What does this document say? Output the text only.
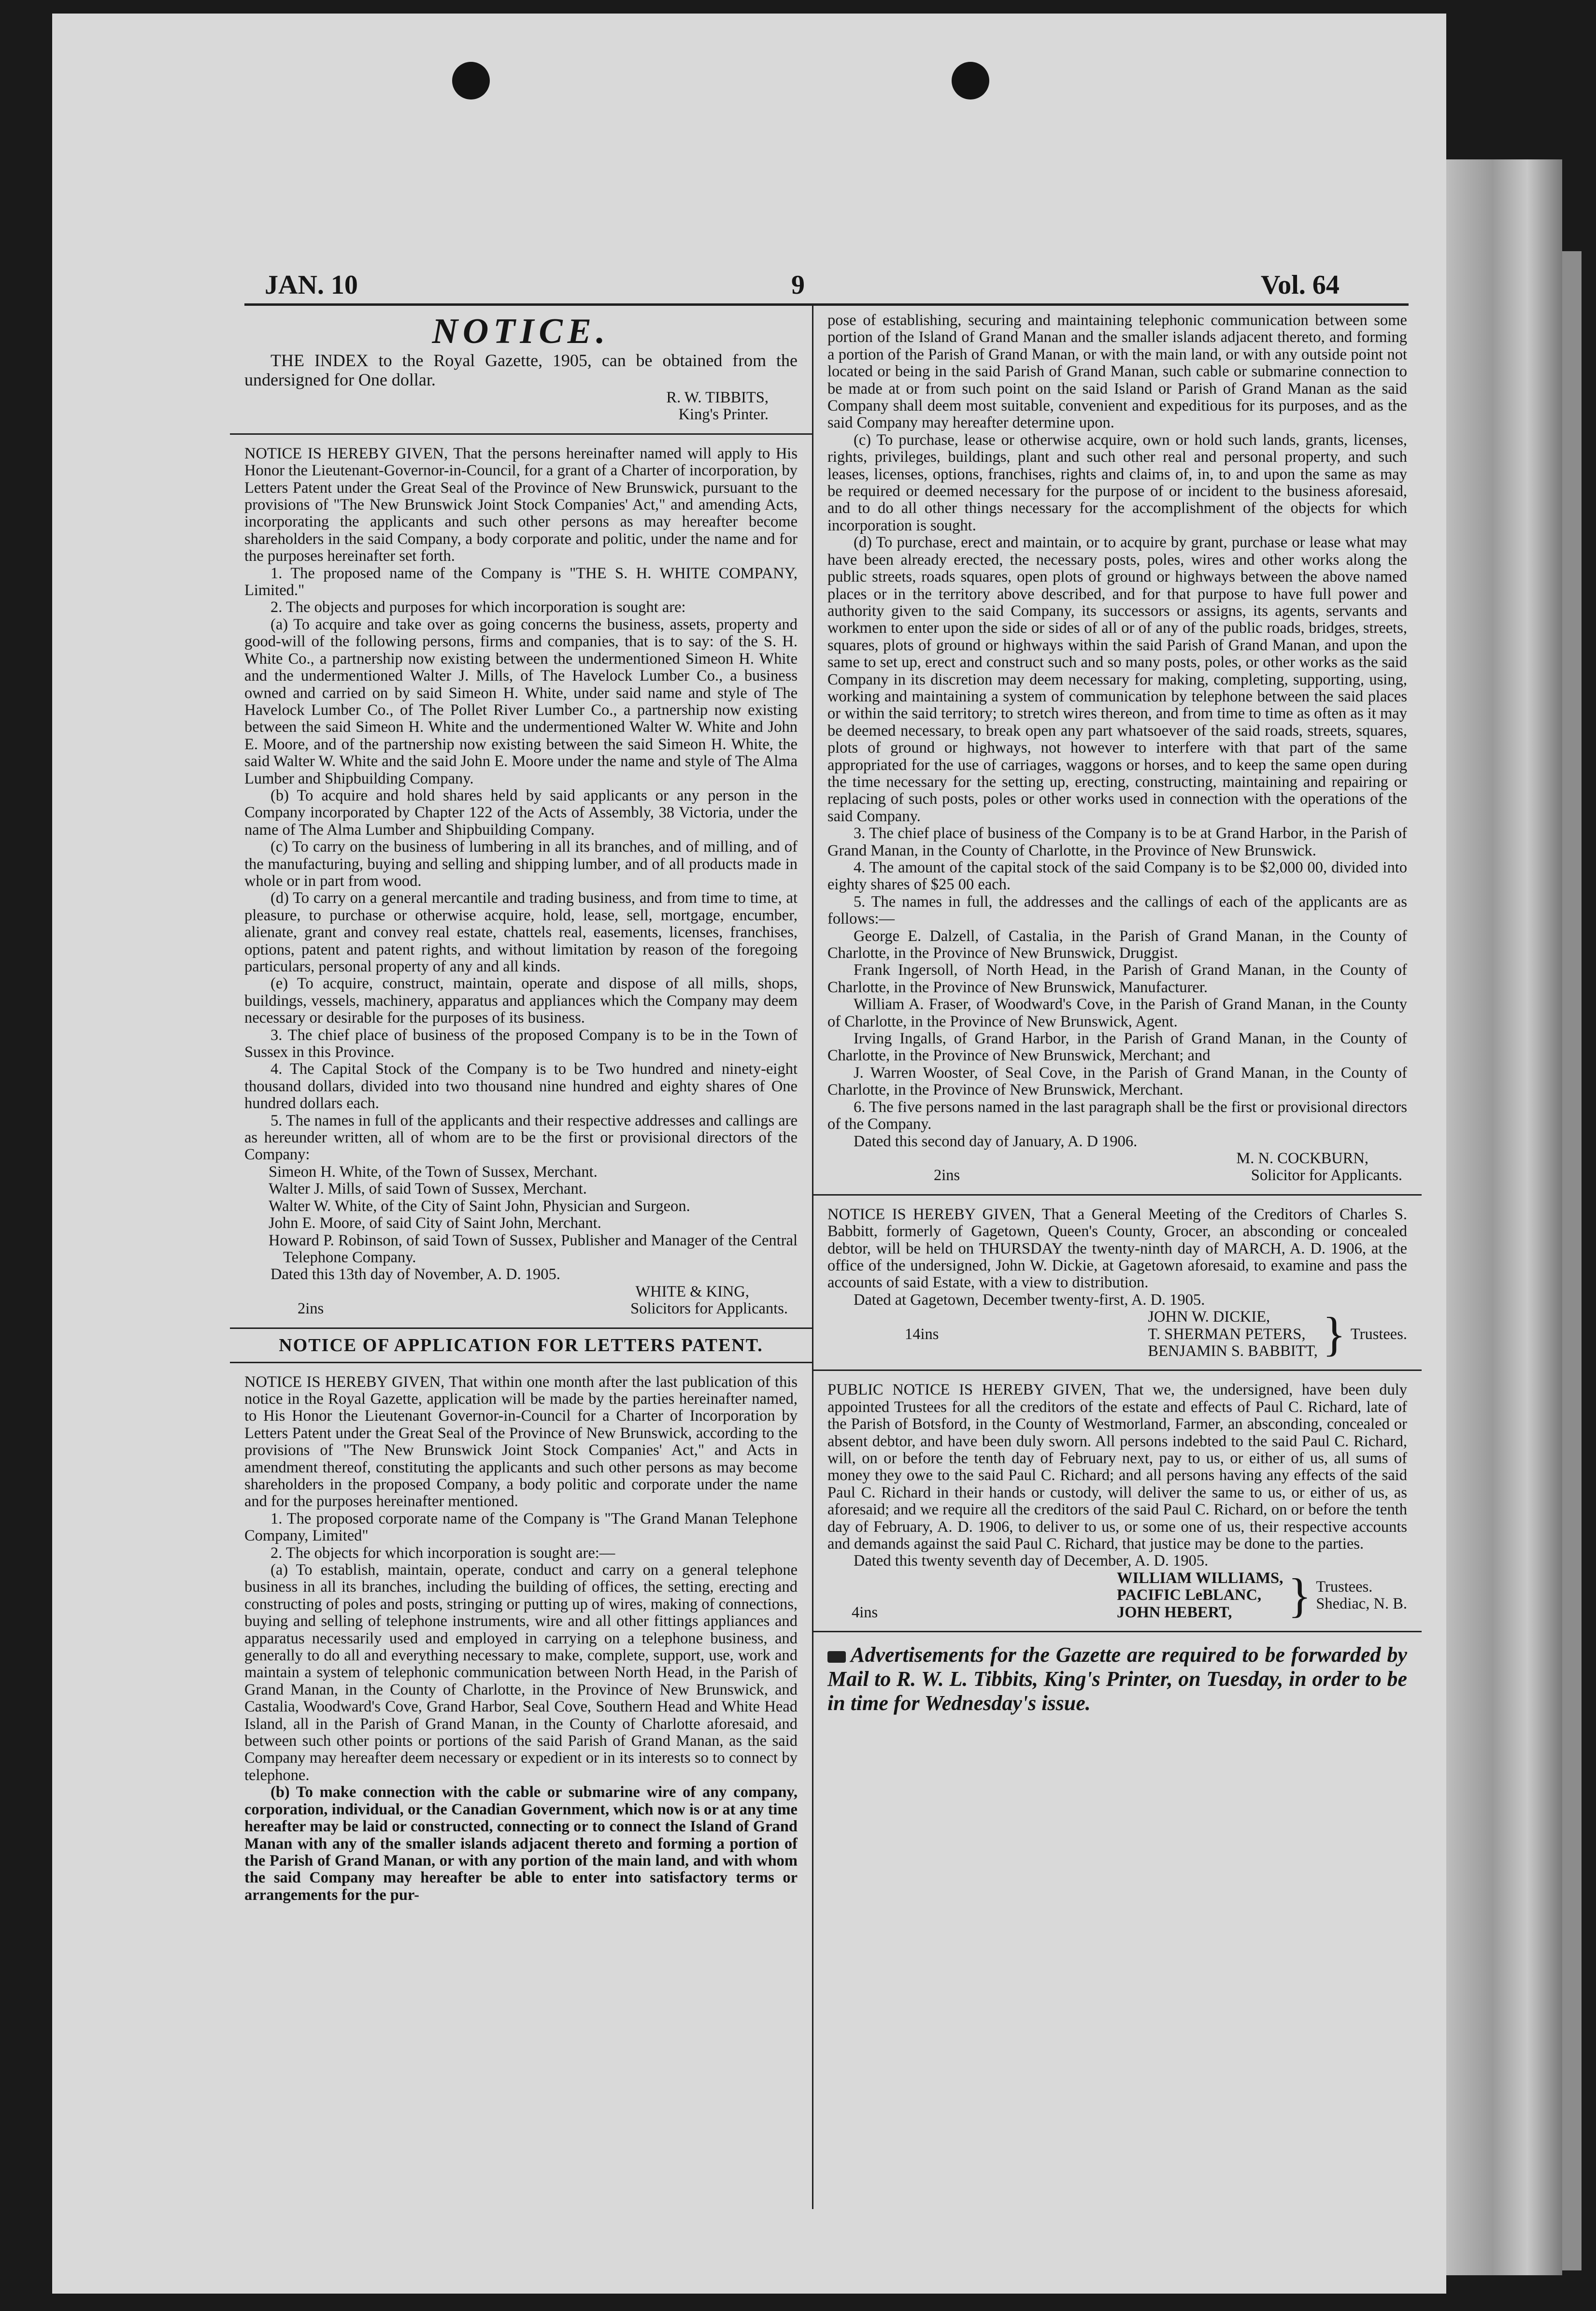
JAN. 10	9	Vol. 64

NOTICE.

THE INDEX to the Royal Gazette, 1905, can be obtained from the undersigned for One dollar.

R. W. TIBBITS,

King's Printer.

NOTICE IS HEREBY GIVEN, That the persons hereinafter named will apply to His Honor the Lieutenant-Governor-in-Council, for a grant of a Charter of incorporation, by Letters Patent under the Great Seal of the Province of New Brunswick, pursuant to the provisions of "The New Brunswick Joint Stock Companies' Act," and amending Acts, incorporating the applicants and such other persons as may hereafter become shareholders in the said Company, a body corporate and politic, under the name and for the purposes hereinafter set forth.

1. The proposed name of the Company is "THE S. H. WHITE COMPANY, Limited."

2. The objects and purposes for which incorporation is sought are:

(a) To acquire and take over as going concerns the business, assets, property and good-will of the following persons, firms and companies, that is to say: of the S. H. White Co., a partnership now existing between the undermentioned Simeon H. White and the undermentioned Walter J. Mills, of The Havelock Lumber Co., a business owned and carried on by said Simeon H. White, under said name and style of The Havelock Lumber Co., of The Pollet River Lumber Co., a partnership now existing between the said Simeon H. White and the undermentioned Walter W. White and John E. Moore, and of the partnership now existing between the said Simeon H. White, the said Walter W. White and the said John E. Moore under the name and style of The Alma Lumber and Shipbuilding Company.

(b) To acquire and hold shares held by said applicants or any person in the Company incorporated by Chapter 122 of the Acts of Assembly, 38 Victoria, under the name of The Alma Lumber and Shipbuilding Company.

(c) To carry on the business of lumbering in all its branches, and of milling, and of the manufacturing, buying and selling and shipping lumber, and of all products made in whole or in part from wood.

(d) To carry on a general mercantile and trading business, and from time to time, at pleasure, to purchase or otherwise acquire, hold, lease, sell, mortgage, encumber, alienate, grant and convey real estate, chattels real, easements, licenses, franchises, options, patent and patent rights, and without limitation by reason of the foregoing particulars, personal property of any and all kinds.

(e) To acquire, construct, maintain, operate and dispose of all mills, shops, buildings, vessels, machinery, apparatus and appliances which the Company may deem necessary or desirable for the purposes of its business.

3. The chief place of business of the proposed Company is to be in the Town of Sussex in this Province.

4. The Capital Stock of the Company is to be Two hundred and ninety-eight thousand dollars, divided into two thousand nine hundred and eighty shares of One hundred dollars each.

5. The names in full of the applicants and their respective addresses and callings are as hereunder written, all of whom are to be the first or provisional directors of the Company:

Simeon H. White, of the Town of Sussex, Merchant.

Walter J. Mills, of said Town of Sussex, Merchant.

Walter W. White, of the City of Saint John, Physician and Surgeon.

John E. Moore, of said City of Saint John, Merchant.

Howard P. Robinson, of said Town of Sussex, Publisher and Manager of the Central Telephone Company.

Dated this 13th day of November, A. D. 1905.

WHITE & KING,

2ins	Solicitors for Applicants.

NOTICE OF APPLICATION FOR LETTERS PATENT.

NOTICE IS HEREBY GIVEN, That within one month after the last publication of this notice in the Royal Gazette, application will be made by the parties hereinafter named, to His Honor the Lieutenant Governor-in-Council for a Charter of Incorporation by Letters Patent under the Great Seal of the Province of New Brunswick, according to the provisions of "The New Brunswick Joint Stock Companies' Act," and Acts in amendment thereof, constituting the applicants and such other persons as may become shareholders in the proposed Company, a body politic and corporate under the name and for the purposes hereinafter mentioned.

1. The proposed corporate name of the Company is "The Grand Manan Telephone Company, Limited"

2. The objects for which incorporation is sought are:—

(a) To establish, maintain, operate, conduct and carry on a general telephone business in all its branches, including the building of offices, the setting, erecting and constructing of poles and posts, stringing or putting up of wires, making of connections, buying and selling of telephone instruments, wire and all other fittings appliances and apparatus necessarily used and employed in carrying on a telephone business, and generally to do all and everything necessary to make, complete, support, use, work and maintain a system of telephonic communication between North Head, in the Parish of Grand Manan, in the County of Charlotte, in the Province of New Brunswick, and Castalia, Woodward's Cove, Grand Harbor, Seal Cove, Southern Head and White Head Island, all in the Parish of Grand Manan, in the County of Charlotte aforesaid, and between such other points or portions of the said Parish of Grand Manan, as the said Company may hereafter deem necessary or expedient or in its interests so to connect by telephone.

(b) To make connection with the cable or submarine wire of any company, corporation, individual, or the Canadian Government, which now is or at any time hereafter may be laid or constructed, connecting or to connect the Island of Grand Manan with any of the smaller islands adjacent thereto and forming a portion of the Parish of Grand Manan, or with any portion of the main land, and with whom the said Company may hereafter be able to enter into satisfactory terms or arrangements for the pur-

pose of establishing, securing and maintaining telephonic communication between some portion of the Island of Grand Manan and the smaller islands adjacent thereto, and forming a portion of the Parish of Grand Manan, or with the main land, or with any outside point not located or being in the said Parish of Grand Manan, such cable or submarine connection to be made at or from such point on the said Island or Parish of Grand Manan as the said Company shall deem most suitable, convenient and expeditious for its purposes, and as the said Company may hereafter determine upon.

(c) To purchase, lease or otherwise acquire, own or hold such lands, grants, licenses, rights, privileges, buildings, plant and such other real and personal property, and such leases, licenses, options, franchises, rights and claims of, in, to and upon the same as may be required or deemed necessary for the purpose of or incident to the business aforesaid, and to do all other things necessary for the accomplishment of the objects for which incorporation is sought.

(d) To purchase, erect and maintain, or to acquire by grant, purchase or lease what may have been already erected, the necessary posts, poles, wires and other works along the public streets, roads squares, open plots of ground or highways between the above named places or in the territory above described, and for that purpose to have full power and authority given to the said Company, its successors or assigns, its agents, servants and workmen to enter upon the side or sides of all or of any of the public roads, bridges, streets, squares, plots of ground or highways within the said Parish of Grand Manan, and upon the same to set up, erect and construct such and so many posts, poles, or other works as the said Company in its discretion may deem necessary for making, completing, supporting, using, working and maintaining a system of communication by telephone between the said places or within the said territory; to stretch wires thereon, and from time to time as often as it may be deemed necessary, to break open any part whatsoever of the said roads, streets, squares, plots of ground or highways, not however to interfere with that part of the same appropriated for the use of carriages, waggons or horses, and to keep the same open during the time necessary for the setting up, erecting, constructing, maintaining and repairing or replacing of such posts, poles or other works used in connection with the operations of the said Company.

3. The chief place of business of the Company is to be at Grand Harbor, in the Parish of Grand Manan, in the County of Charlotte, in the Province of New Brunswick.

4. The amount of the capital stock of the said Company is to be $2,000 00, divided into eighty shares of $25 00 each.

5. The names in full, the addresses and the callings of each of the applicants are as follows:—

George E. Dalzell, of Castalia, in the Parish of Grand Manan, in the County of Charlotte, in the Province of New Brunswick, Druggist.

Frank Ingersoll, of North Head, in the Parish of Grand Manan, in the County of Charlotte, in the Province of New Brunswick, Manufacturer.

William A. Fraser, of Woodward's Cove, in the Parish of Grand Manan, in the County of Charlotte, in the Province of New Brunswick, Agent.

Irving Ingalls, of Grand Harbor, in the Parish of Grand Manan, in the County of Charlotte, in the Province of New Brunswick, Merchant; and

J. Warren Wooster, of Seal Cove, in the Parish of Grand Manan, in the County of Charlotte, in the Province of New Brunswick, Merchant.

6. The five persons named in the last paragraph shall be the first or provisional directors of the Company.

Dated this second day of January, A. D 1906.

M. N. COCKBURN,

2ins	Solicitor for Applicants.

NOTICE IS HEREBY GIVEN, That a General Meeting of the Creditors of Charles S. Babbitt, formerly of Gagetown, Queen's County, Grocer, an absconding or concealed debtor, will be held on THURSDAY the twenty-ninth day of MARCH, A. D. 1906, at the office of the undersigned, John W. Dickie, at Gagetown aforesaid, to examine and pass the accounts of said Estate, with a view to distribution.

Dated at Gagetown, December twenty-first, A. D. 1905.

14ins
JOHN W. DICKIE,
T. SHERMAN PETERS,
BENJAMIN S. BABBITT, } Trustees.

PUBLIC NOTICE IS HEREBY GIVEN, That we, the undersigned, have been duly appointed Trustees for all the creditors of the estate and effects of Paul C. Richard, late of the Parish of Botsford, in the County of Westmorland, Farmer, an absconding, concealed or absent debtor, and have been duly sworn. All persons indebted to the said Paul C. Richard, will, on or before the tenth day of February next, pay to us, or either of us, all sums of money they owe to the said Paul C. Richard; and all persons having any effects of the said Paul C. Richard in their hands or custody, will deliver the same to us, or either of us, as aforesaid; and we require all the creditors of the said Paul C. Richard, on or before the tenth day of February, A. D. 1906, to deliver to us, or some one of us, their respective accounts and demands against the said Paul C. Richard, that justice may be done to the parties.

Dated this twenty seventh day of December, A. D. 1905.

4ins
WILLIAM WILLIAMS,
PACIFIC LeBLANC,
JOHN HEBERT,	} Trustees.
Shediac, N. B.

Advertisements for the Gazette are required to be forwarded by Mail to R. W. L. Tibbits, King's Printer, on Tuesday, in order to be in time for Wednesday's issue.
